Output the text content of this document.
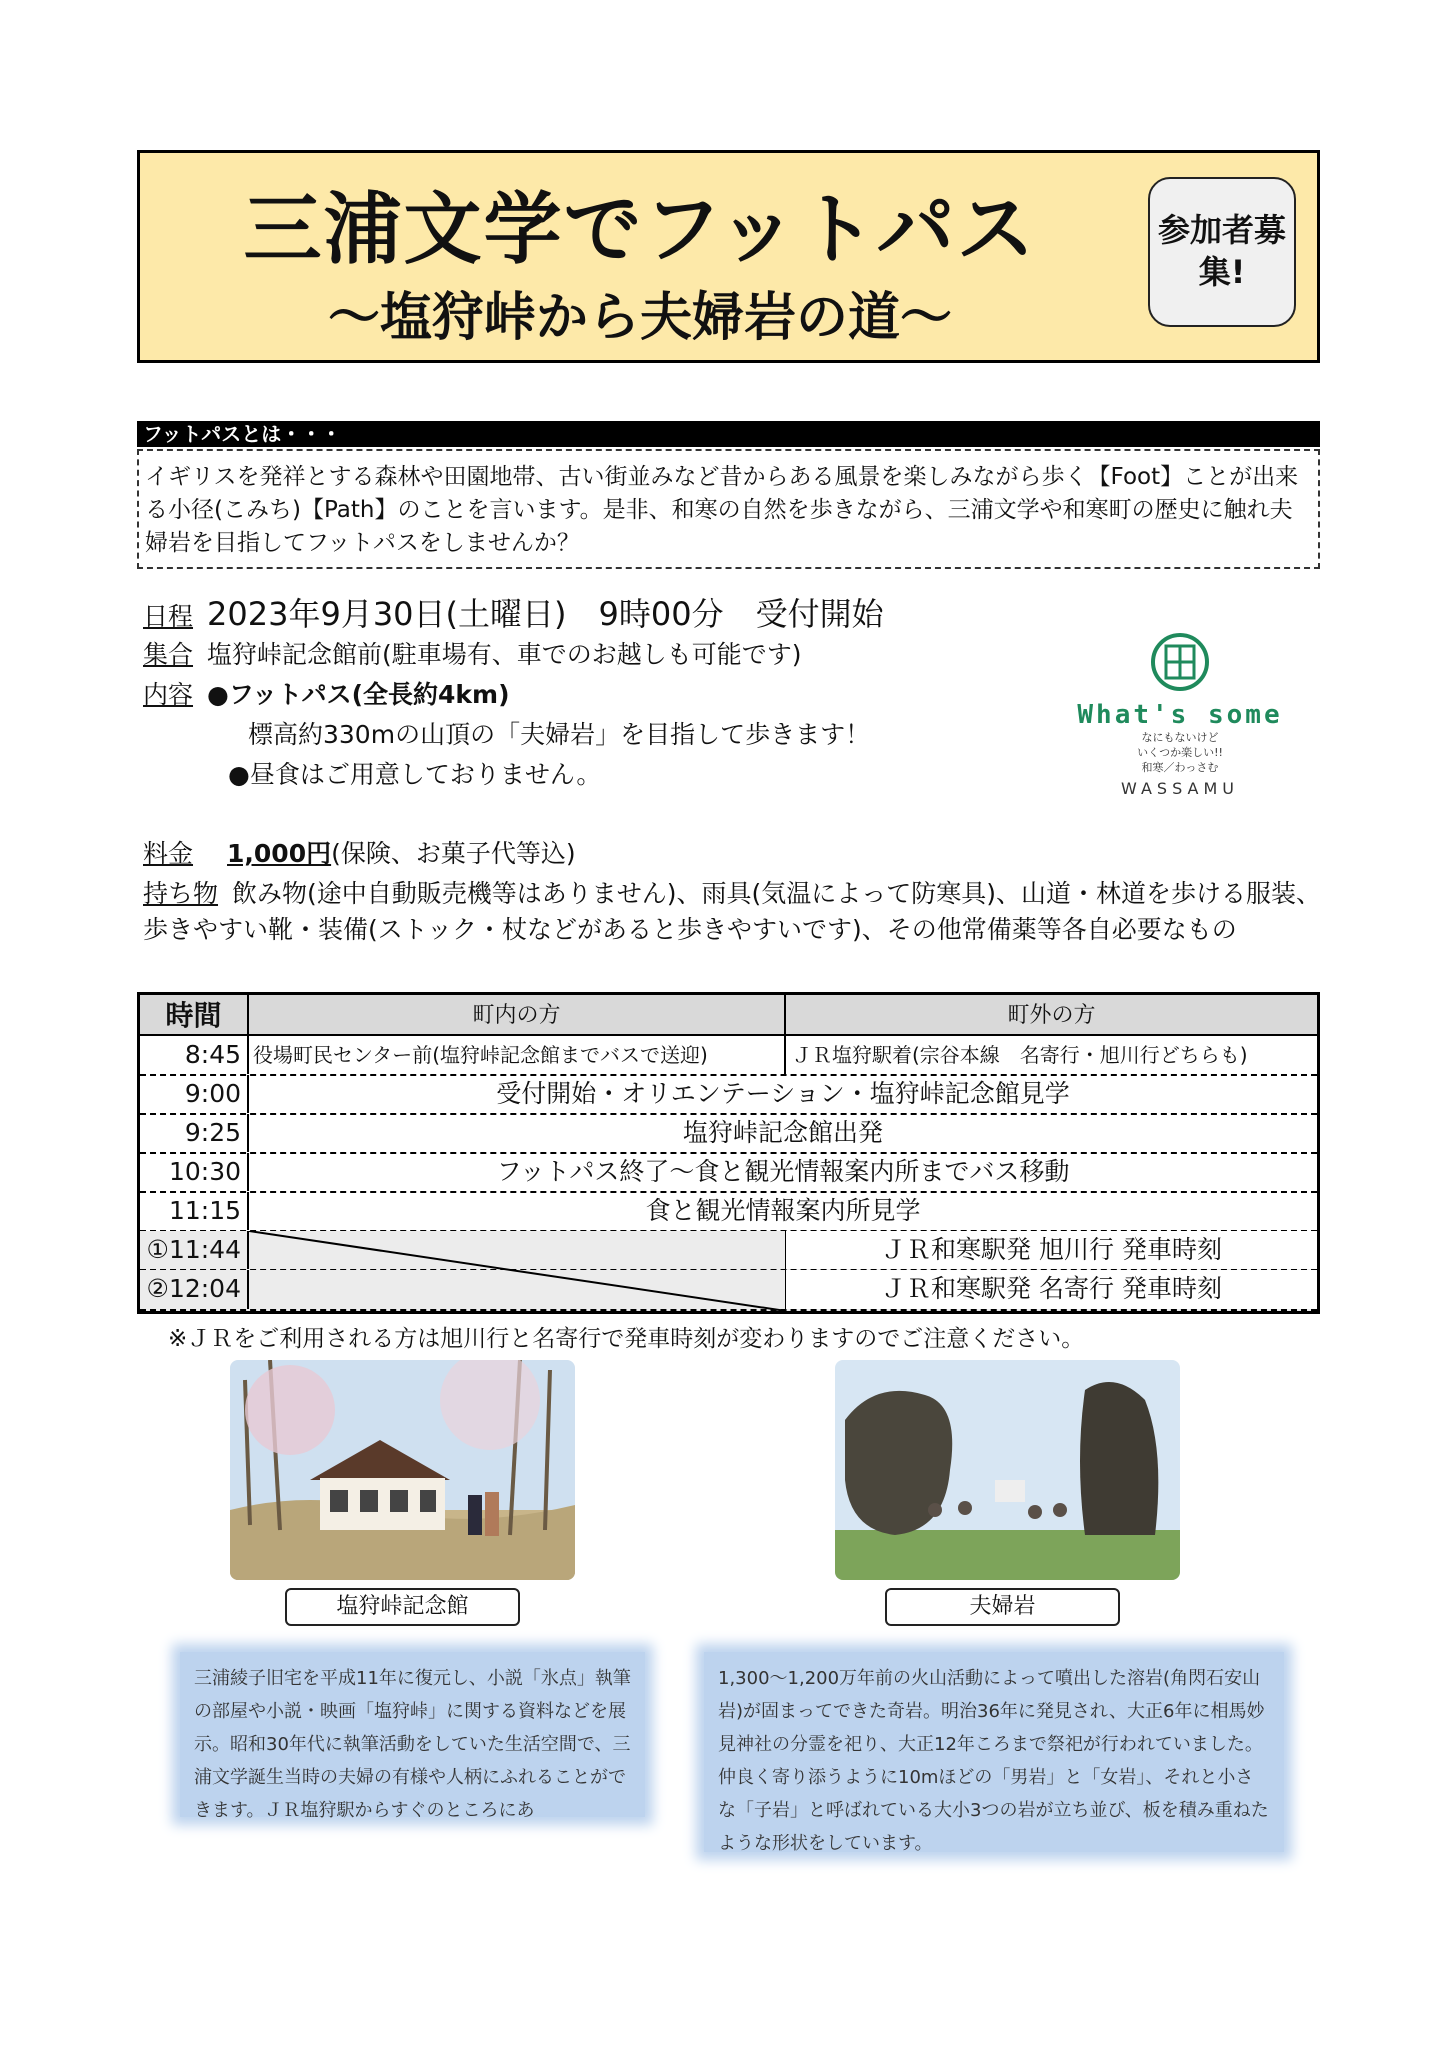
三浦文学でフットパス
～塩狩峠から夫婦岩の道～
参加者募集!
フットパスとは・・・
イギリスを発祥とする森林や田園地帯、古い街並みなど昔からある風景を楽しみながら歩く【Foot】ことが出来る小径(こみち)【Path】のことを言います。是非、和寒の自然を歩きながら、三浦文学や和寒町の歴史に触れ夫婦岩を目指してフットパスをしませんか？
日程 2023年9月30日(土曜日)　9時00分　受付開始
集合 塩狩峠記念館前(駐車場有、車でのお越しも可能です)
内容 ●フットパス(全長約4km)
標高約330mの山頂の「夫婦岩」を目指して歩きます！
●昼食はご用意しておりません。
料金 1,000円(保険、お菓子代等込)
持ち物 飲み物(途中自動販売機等はありません)、雨具(気温によって防寒具)、山道・林道を歩ける服装、歩きやすい靴・装備(ストック・杖などがあると歩きやすいです)、その他常備薬等各自必要なもの
What's some
なにもないけど
いくつか楽しい!!
和寒／わっさむ
WASSAMU
時間	町内の方	町外の方
8:45 役場町民センター前(塩狩峠記念館までバスで送迎)	ＪＲ塩狩駅着(宗谷本線　名寄行・旭川行どちらも)
9:00	受付開始・オリエンテーション・塩狩峠記念館見学
9:25	塩狩峠記念館出発
10:30	フットパス終了～食と観光情報案内所までバス移動
11:15	食と観光情報案内所見学
①11:44	ＪＲ和寒駅発 旭川行 発車時刻
②12:04	ＪＲ和寒駅発 名寄行 発車時刻
※ＪＲをご利用される方は旭川行と名寄行で発車時刻が変わりますのでご注意ください。
塩狩峠記念館	夫婦岩
三浦綾子旧宅を平成11年に復元し、小説「氷点」執筆の部屋や小説・映画「塩狩峠」に関する資料などを展示。昭和30年代に執筆活動をしていた生活空間で、三浦文学誕生当時の夫婦の有様や人柄にふれることができます。ＪＲ塩狩駅からすぐのところにあ
1,300～1,200万年前の火山活動によって噴出した溶岩(角閃石安山岩)が固まってできた奇岩。明治36年に発見され、大正6年に相馬妙見神社の分霊を祀り、大正12年ころまで祭祀が行われていました。仲良く寄り添うように10mほどの「男岩」と「女岩」、それと小さな「子岩」と呼ばれている大小3つの岩が立ち並び、板を積み重ねたような形状をしています。
